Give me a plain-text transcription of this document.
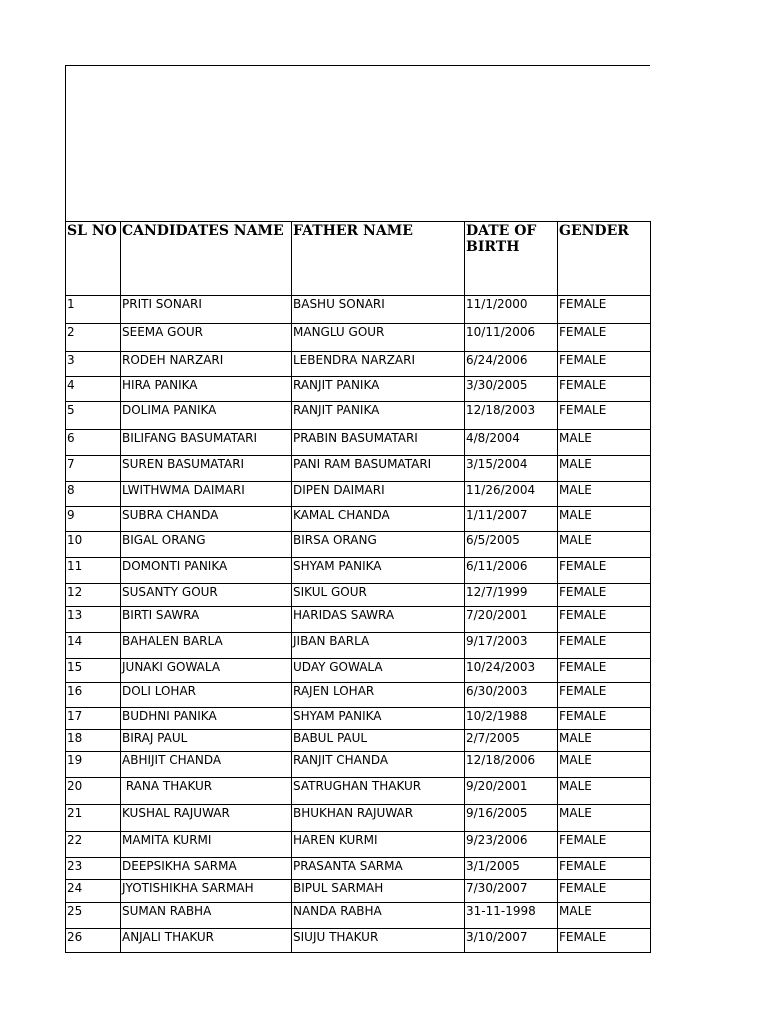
SL NO	CANDIDATES NAME	FATHER NAME	DATE OF BIRTH	GENDER
1	PRITI SONARI	BASHU SONARI	11/1/2000	FEMALE
2	SEEMA GOUR	MANGLU GOUR	10/11/2006	FEMALE
3	RODEH NARZARI	LEBENDRA NARZARI	6/24/2006	FEMALE
4	HIRA PANIKA	RANJIT PANIKA	3/30/2005	FEMALE
5	DOLIMA PANIKA	RANJIT PANIKA	12/18/2003	FEMALE
6	BILIFANG BASUMATARI	PRABIN BASUMATARI	4/8/2004	MALE
7	SUREN BASUMATARI	PANI RAM BASUMATARI	3/15/2004	MALE
8	LWITHWMA DAIMARI	DIPEN DAIMARI	11/26/2004	MALE
9	SUBRA CHANDA	KAMAL CHANDA	1/11/2007	MALE
10	BIGAL ORANG	BIRSA ORANG	6/5/2005	MALE
11	DOMONTI PANIKA	SHYAM PANIKA	6/11/2006	FEMALE
12	SUSANTY GOUR	SIKUL GOUR	12/7/1999	FEMALE
13	BIRTI SAWRA	HARIDAS SAWRA	7/20/2001	FEMALE
14	BAHALEN BARLA	JIBAN BARLA	9/17/2003	FEMALE
15	JUNAKI GOWALA	UDAY GOWALA	10/24/2003	FEMALE
16	DOLI LOHAR	RAJEN LOHAR	6/30/2003	FEMALE
17	BUDHNI PANIKA	SHYAM PANIKA	10/2/1988	FEMALE
18	BIRAJ PAUL	BABUL PAUL	2/7/2005	MALE
19	ABHIJIT CHANDA	RANJIT CHANDA	12/18/2006	MALE
20	RANA THAKUR	SATRUGHAN THAKUR	9/20/2001	MALE
21	KUSHAL RAJUWAR	BHUKHAN RAJUWAR	9/16/2005	MALE
22	MAMITA KURMI	HAREN KURMI	9/23/2006	FEMALE
23	DEEPSIKHA SARMA	PRASANTA SARMA	3/1/2005	FEMALE
24	JYOTISHIKHA SARMAH	BIPUL SARMAH	7/30/2007	FEMALE
25	SUMAN RABHA	NANDA RABHA	31-11-1998	MALE
26	ANJALI THAKUR	SIUJU THAKUR	3/10/2007	FEMALE
